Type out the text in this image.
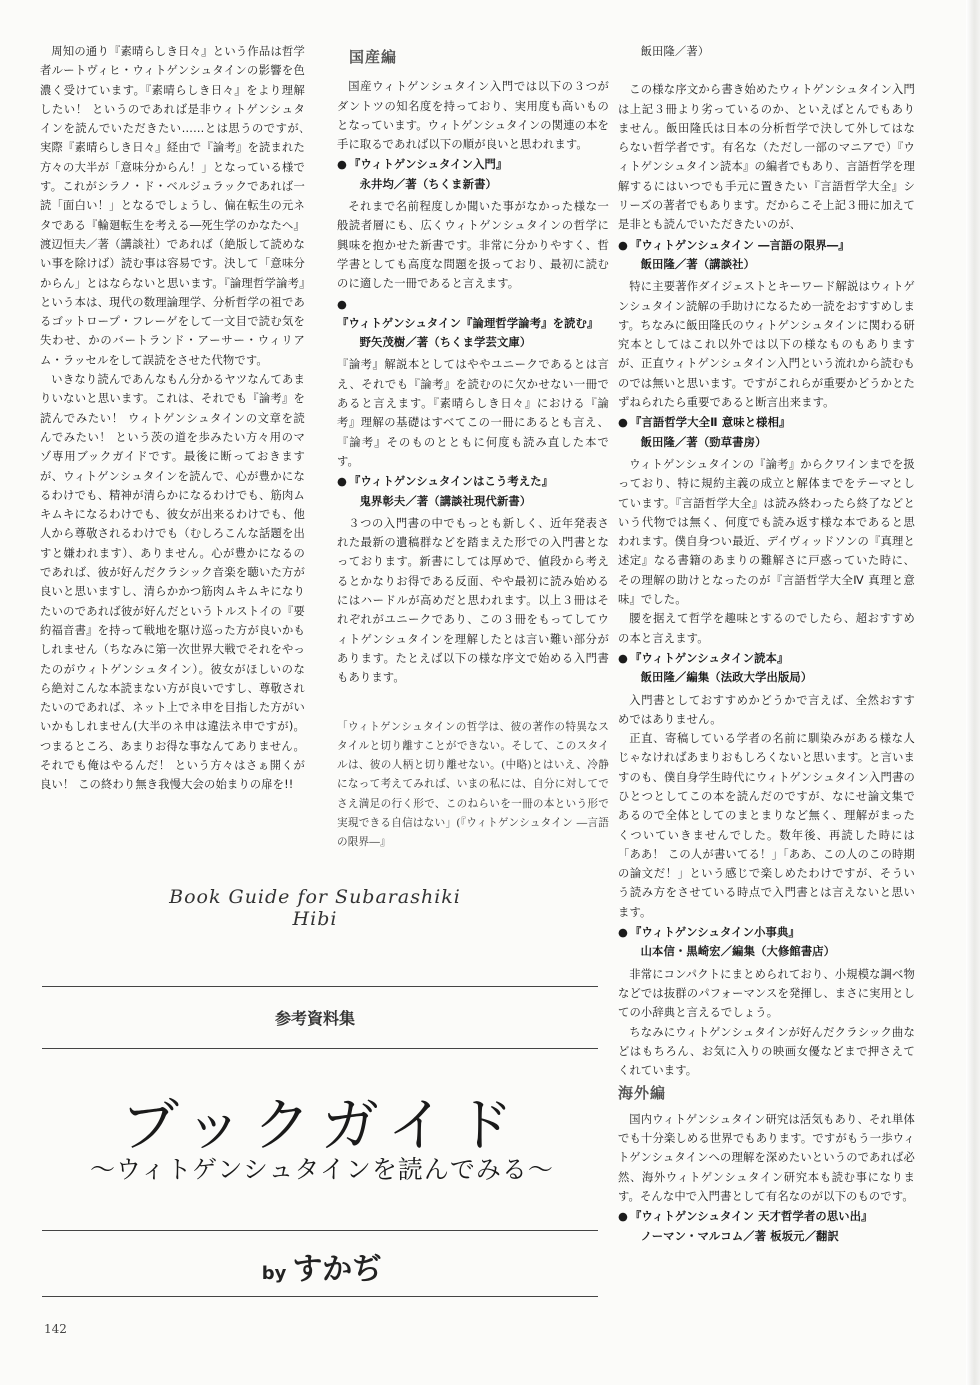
周知の通り『素晴らしき日々』という作品は哲学者ルートヴィヒ・ウィトゲンシュタインの影響を色濃く受けています。『素晴らしき日々』をより理解したい！ というのであれば是非ウィトゲンシュタインを読んでいただきたい……とは思うのですが､実際『素晴らしき日々』経由で『論考』を読まれた方々の大半が「意味分からん！」となっている様です。これがシラノ・ド・ベルジュラックであれば一読「面白い！」となるでしょうし、偏在転生の元ネタである『輪廻転生を考える―死生学のかなたへ』渡辺恒夫／著（講談社）であれば（絶版して読めない事を除けば）読む事は容易です。決して「意味分からん」とはならないと思います。『論理哲学論考』という本は、現代の数理論理学、分析哲学の祖であるゴットロープ・フレーゲをして一文目で読む気を失わせ、かのバートランド・アーサー・ウィリアム・ラッセルをして誤読をさせた代物です。

いきなり読んであんなもん分かるヤツなんてあまりいないと思います。これは、それでも『論考』を読んでみたい！ ウィトゲンシュタインの文章を読んでみたい！ という茨の道を歩みたい方々用のマゾ専用ブックガイドです。最後に断っておきますが、ウィトゲンシュタインを読んで、心が豊かになるわけでも、精神が清らかになるわけでも、筋肉ムキムキになるわけでも、彼女が出来るわけでも、他人から尊敬されるわけでも（むしろこんな話題を出すと嫌われます）、ありません。心が豊かになるのであれば、彼が好んだクラシック音楽を聴いた方が良いと思いますし、清らかかつ筋肉ムキムキになりたいのであれば彼が好んだというトルストイの『要約福音書』を持って戦地を駆け巡った方が良いかもしれません（ちなみに第一次世界大戦でそれをやったのがウィトゲンシュタイン）。彼女がほしいのなら絶対こんな本読まない方が良いですし、尊敬されたいのであれば、ネット上でネ申を目指した方がいいかもしれません(大半のネ申は違法ネ申ですが)。つまるところ、あまりお得な事なんてありません。それでも俺はやるんだ！ という方々はさぁ開くが良い！ この終わり無き我慢大会の始まりの扉を!!

国産編

国産ウィトゲンシュタイン入門では以下の３つがダントツの知名度を持っており、実用度も高いものとなっています。ウィトゲンシュタインの関連の本を手に取るであれば以下の順が良いと思われます。

● 『ウィトゲンシュタイン入門』
永井均／著（ちくま新書）

それまで名前程度しか聞いた事がなかった様な一般読者層にも、広くウィトゲンシュタインの哲学に興味を抱かせた新書です。非常に分かりやすく、哲学書としても高度な問題を扱っており、最初に読むのに適した一冊であると言えます。

●『ウィトゲンシュタイン『論理哲学論考』を読む』
野矢茂樹／著（ちくま学芸文庫）

『論考』解説本としてはややユニークであるとは言え、それでも『論考』を読むのに欠かせない一冊であると言えます。『素晴らしき日々』における『論考』理解の基礎はすべてこの一冊にあるとも言え、『論考』そのものとともに何度も読み直した本です。

● 『ウィトゲンシュタインはこう考えた』
鬼界彰夫／著（講談社現代新書）

３つの入門書の中でもっとも新しく、近年発表された最新の遺稿群などを踏まえた形での入門書となっております。新書にしては厚めで、値段から考えるとかなりお得である反面、やや最初に読み始めるにはハードルが高めだと思われます。以上３冊はそれぞれがユニークであり、この３冊をもってしてウィトゲンシュタインを理解したとは言い難い部分があります。たとえば以下の様な序文で始める入門書もあります。

「ウィトゲンシュタインの哲学は、彼の著作の特異なスタイルと切り離すことができない。そして、このスタイルは、彼の人柄と切り離せない。(中略)とはいえ、冷静になって考えてみれば、いまの私には、自分に対してでさえ満足の行く形で、このねらいを一冊の本という形で実現できる自信はない」(『ウィトゲンシュタイン ―言語の限界―』
飯田隆／著）

この様な序文から書き始めたウィトゲンシュタイン入門は上記３冊より劣っているのか、といえばとんでもありません。飯田隆氏は日本の分析哲学で決して外してはならない哲学者です。有名な（ただし一部のマニアで）『ウィトゲンシュタイン読本』の編者でもあり、言語哲学を理解するにはいつでも手元に置きたい『言語哲学大全』シリーズの著者でもあります。だからこそ上記３冊に加えて是非とも読んでいただきたいのが、

● 『ウィトゲンシュタイン ―言語の限界―』
飯田隆／著（講談社）

特に主要著作ダイジェストとキーワード解説はウィトゲンシュタイン読解の手助けになるため一読をおすすめします。ちなみに飯田隆氏のウィトゲンシュタインに関わる研究本としてはこれ以外では以下の様なものもありますが、正直ウィトゲンシュタイン入門という流れから読むものでは無いと思います。ですがこれらが重要かどうかとたずねられたら重要であると断言出来ます。

● 『言語哲学大全Ⅱ 意味と様相』
飯田隆／著（勁草書房）

ウィトゲンシュタインの『論考』からクワインまでを扱っており、特に規約主義の成立と解体までをテーマとしています。『言語哲学大全』は読み終わったら終了などという代物では無く、何度でも読み返す様な本であると思われます。僕自身つい最近、デイヴィッドソンの『真理と述定』なる書籍のあまりの難解さに戸惑っていた時に、その理解の助けとなったのが『言語哲学大全Ⅳ 真理と意味』でした。

腰を据えて哲学を趣味とするのでしたら、超おすすめの本と言えます。

● 『ウィトゲンシュタイン読本』
飯田隆／編集（法政大学出版局）

入門書としておすすめかどうかで言えば、全然おすすめではありません。

正直、寄稿している学者の名前に馴染みがある様な人じゃなければあまりおもしろくないと思います。と言いますのも、僕自身学生時代にウィトゲンシュタイン入門書のひとつとしてこの本を読んだのですが、なにせ論文集であるので全体としてのまとまりなど無く、理解がまったくついていきませんでした。数年後、再読した時には「ああ！ この人が書いてる！」「ああ、この人のこの時期の論文だ！」という感じで楽しめたわけですが、そういう読み方をさせている時点で入門書とは言えないと思います。

● 『ウィトゲンシュタイン小事典』
山本信・黒崎宏／編集（大修館書店）

非常にコンパクトにまとめられており、小規模な調べ物などでは抜群のパフォーマンスを発揮し、まさに実用としての小辞典と言えるでしょう。

ちなみにウィトゲンシュタインが好んだクラシック曲などはもちろん、お気に入りの映画女優などまで押さえてくれています。

海外編

国内ウィトゲンシュタイン研究は活気もあり、それ単体でも十分楽しめる世界でもあります。ですがもう一歩ウィトゲンシュタインへの理解を深めたいというのであれば必然、海外ウィトゲンシュタイン研究本も読む事になります。そんな中で入門書として有名なのが以下のものです。

● 『ウィトゲンシュタイン 天才哲学者の思い出』
ノーマン・マルコム／著 板坂元／翻訳
Book Guide for Subarashiki Hibi
参考資料集
ブックガイド
～ウィトゲンシュタインを読んでみる～
by すかぢ
142
